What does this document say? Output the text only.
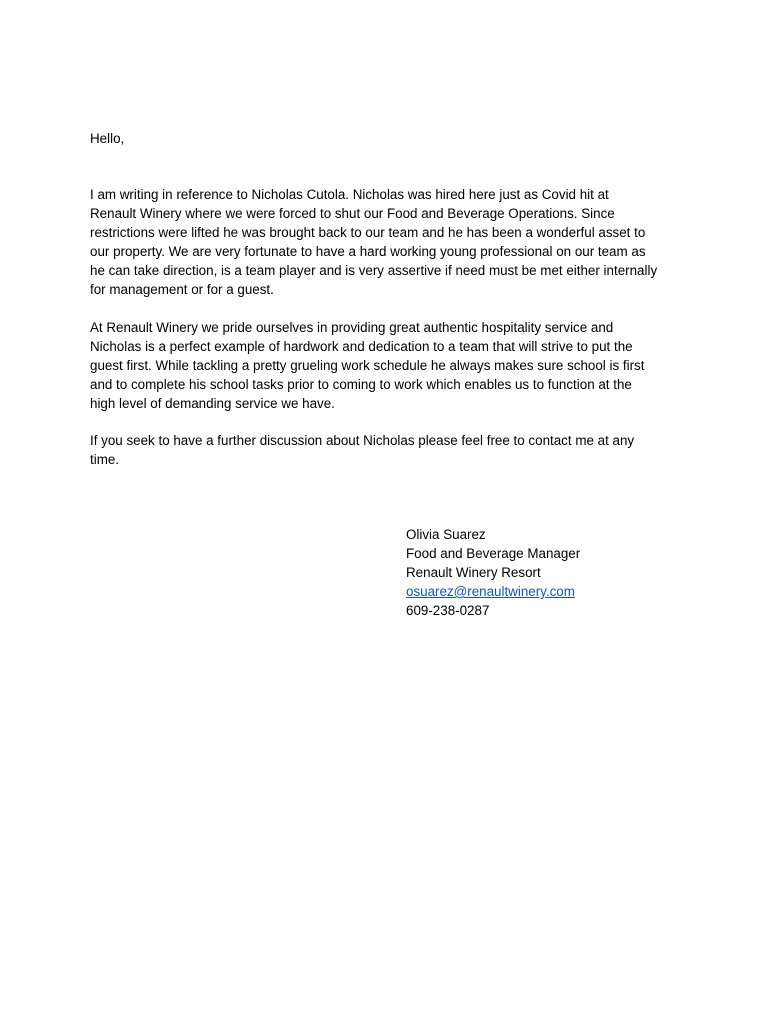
Hello,

I am writing in reference to Nicholas Cutola. Nicholas was hired here just as Covid hit at
Renault Winery where we were forced to shut our Food and Beverage Operations. Since
restrictions were lifted he was brought back to our team and he has been a wonderful asset to
our property. We are very fortunate to have a hard working young professional on our team as
he can take direction, is a team player and is very assertive if need must be met either internally
for management or for a guest.

At Renault Winery we pride ourselves in providing great authentic hospitality service and
Nicholas is a perfect example of hardwork and dedication to a team that will strive to put the
guest first. While tackling a pretty grueling work schedule he always makes sure school is first
and to complete his school tasks prior to coming to work which enables us to function at the
high level of demanding service we have.

If you seek to have a further discussion about Nicholas please feel free to contact me at any
time.

Olivia Suarez
Food and Beverage Manager
Renault Winery Resort
osuarez@renaultwinery.com
609-238-0287
